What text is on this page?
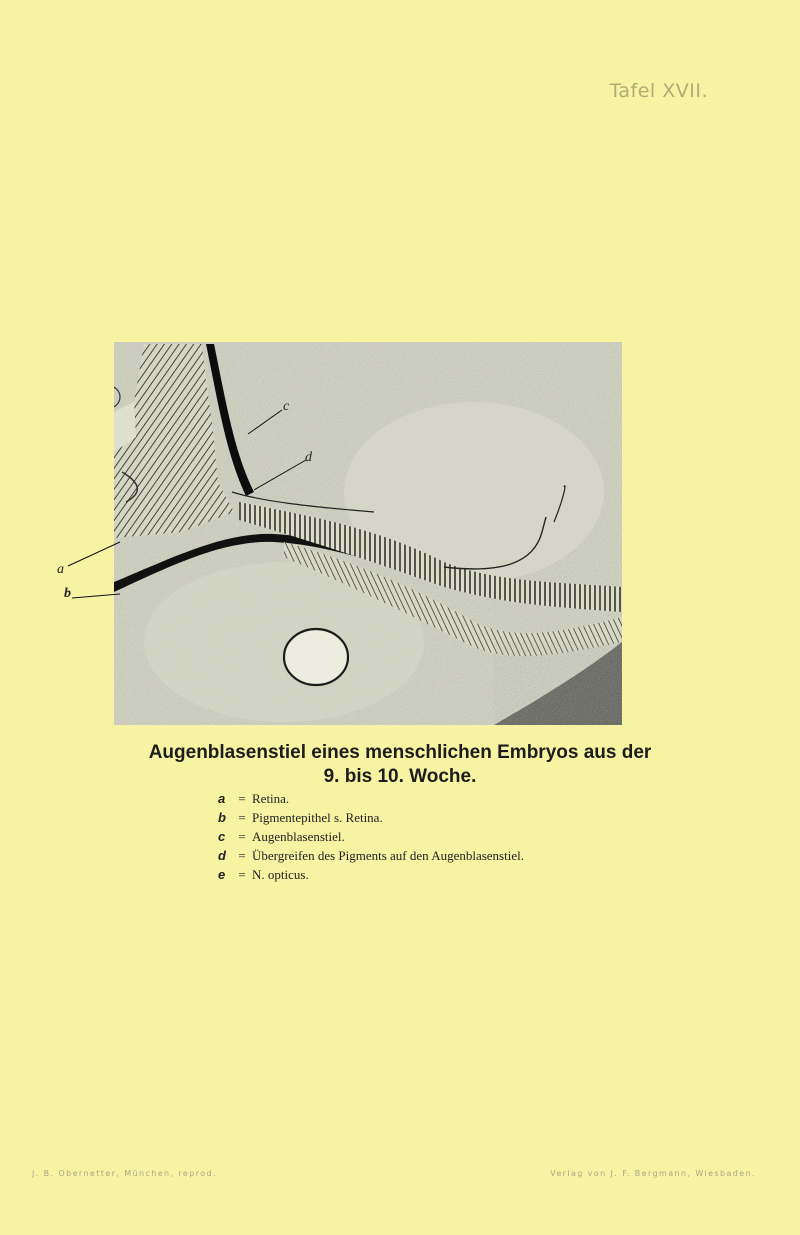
Tafel XVII.
a
b
c
d
Augenblasenstiel eines menschlichen Embryos aus der
9. bis 10. Woche.
a	= Retina.
b = Pigmentepithel s. Retina.
c	= Augenblasenstiel.
d = Übergreifen des Pigments auf den Augenblasenstiel.
e	= N. opticus.
J. B. Obernetter, München, reprod.	Verlag von J. F. Bergmann, Wiesbaden.
